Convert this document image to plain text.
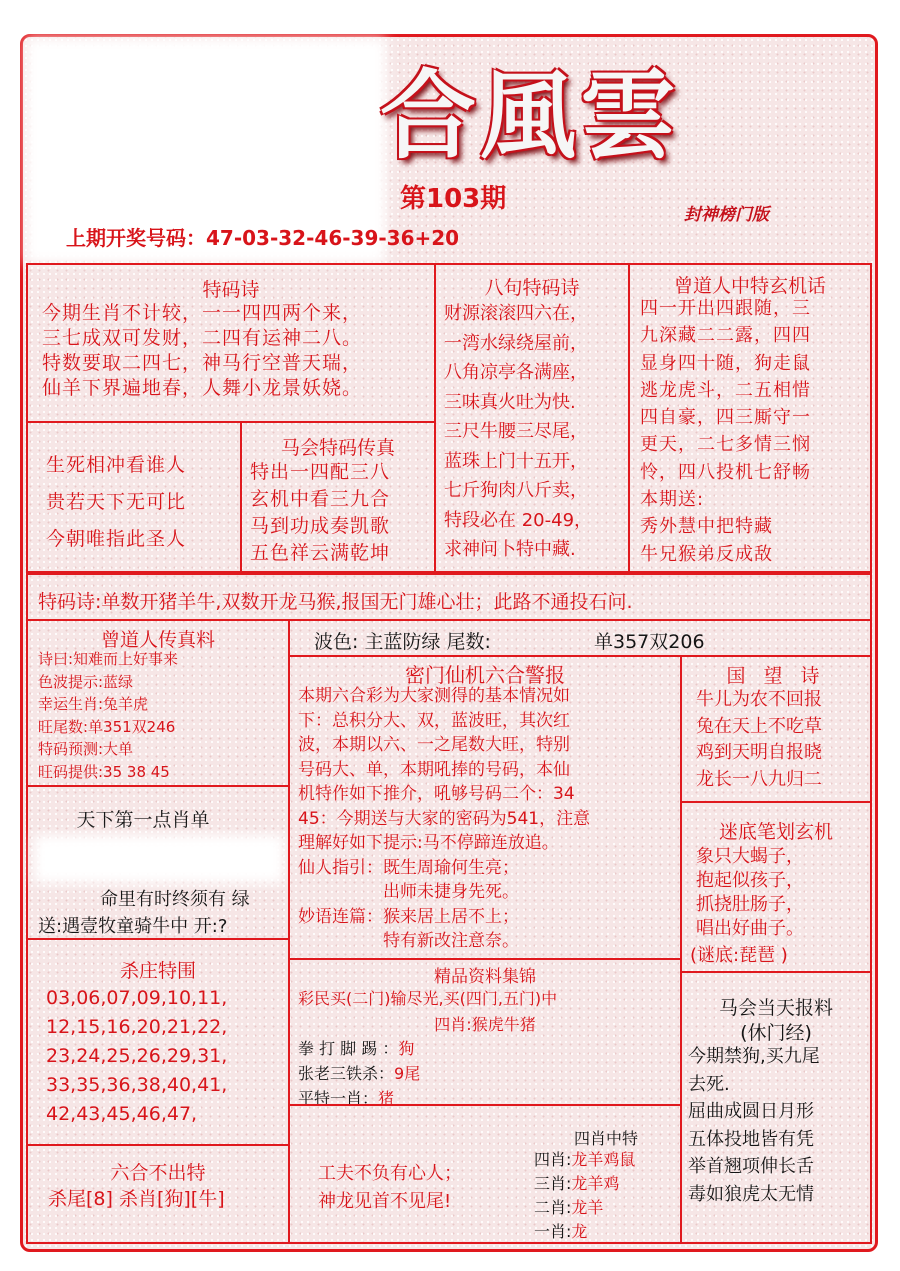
合風雲
第103期
封神榜门版
上期开奖号码：47-03-32-46-39-36+20
特码诗
今期生肖不计较，一一四四两个来，
三七成双可发财，二四有运神二八。
特数要取二四七，神马行空普天瑞，
仙羊下界遍地春，人舞小龙景妖娆。
八句特码诗
财源滚滚四六在，
一湾水绿绕屋前，
八角凉亭各满座，
三味真火吐为快.
三尺牛腰三尽尾，
蓝珠上门十五开，
七斤狗肉八斤卖，
特段必在 20-49，
求神问卜特中藏.
曾道人中特玄机话
四一开出四跟随，三
九深藏二二露，四四
显身四十随，狗走鼠
逃龙虎斗，二五相惜
四自豪，四三厮守一
更天，二七多情三悯
怜，四八投机七舒畅
本期送:
秀外慧中把特藏
牛兄猴弟反成敌
生死相冲看谁人
贵若天下无可比
今朝唯指此圣人
马会特码传真
特出一四配三八
玄机中看三九合
马到功成奏凯歌
五色祥云满乾坤
特码诗:单数开猪羊牛,双数开龙马猴,报国无门雄心壮；此路不通投石问.
曾道人传真料
诗曰:知难而上好事来
色波提示:蓝绿
幸运生肖:兔羊虎
旺尾数:单351双246
特码预测:大单
旺码提供:35 38 45
天下第一点肖单
命里有时终须有 绿
送:遇壹牧童骑牛中 开:?
杀庄特围
03,06,07,09,10,11,
12,15,16,20,21,22,
23,24,25,26,29,31,
33,35,36,38,40,41,
42,43,45,46,47,
六合不出特
杀尾[8] 杀肖[狗][牛]
波色: 主蓝防绿 尾数:	单357双206
密门仙机六合警报
本期六合彩为大家测得的基本情况如
下：总积分大、双，蓝波旺，其次红
波，本期以六、一之尾数大旺，特别
号码大、单，本期吼捧的号码，本仙
机特作如下推介，吼够号码二个：34
45：今期送与大家的密码为541，注意
理解好如下提示:马不停蹄连放追。
仙人指引：既生周瑜何生亮；
　　　　　出师未捷身先死。
妙语连篇：猴来居上居不上；
　　　　　特有新改注意奈。
精品资料集锦
彩民买(二门)输尽光,买(四门,五门)中
四肖:猴虎牛猪
拳 打 脚 踢 ：狗
张老三铁杀：9尾
平特一肖：猪
工夫不负有心人；
神龙见首不见尾!
四肖中特
四肖:龙羊鸡鼠
三肖:龙羊鸡
二肖:龙羊
一肖:龙
国 望 诗
牛儿为农不回报
兔在天上不吃草
鸡到天明自报晓
龙长一八九归二
迷底笔划玄机
象只大蝎子，
抱起似孩子，
抓挠肚肠子，
唱出好曲子。
(谜底:琵琶 )
马会当天报料
(休门经)
今期禁狗,买九尾
去死.
屈曲成圆日月形
五体投地皆有凭
举首翘项伸长舌
毒如狼虎太无情
